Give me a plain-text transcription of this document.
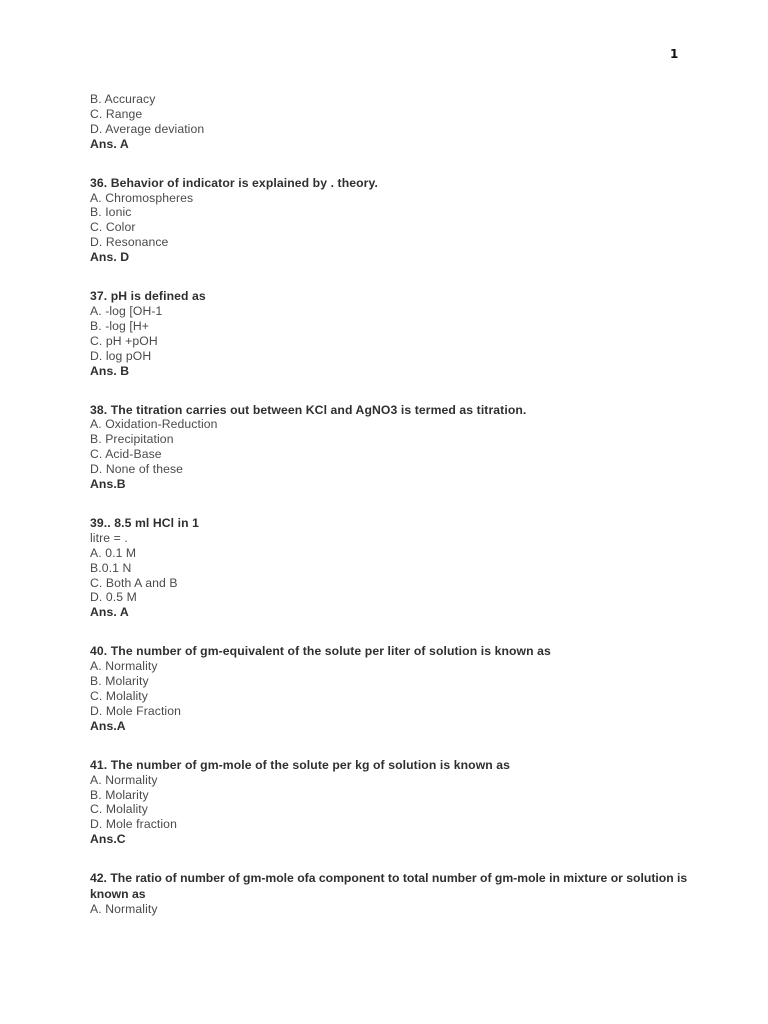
1
B. Accuracy
C. Range
D. Average deviation
Ans. A
36. Behavior of indicator is explained by . theory.
A. Chromospheres
B. Ionic
C. Color
D. Resonance
Ans. D
37. pH is defined as
A. -log [OH-1
B. -log [H+
C. pH +pOH
D. log pOH
Ans. B
38. The titration carries out between KCl and AgNO3 is termed as titration.
A. Oxidation-Reduction
B. Precipitation
C. Acid-Base
D. None of these
Ans.B
39.. 8.5 ml HCl in 1
litre = .
A. 0.1 M
B.0.1 N
C. Both A and B
D. 0.5 M
Ans. A
40. The number of gm-equivalent of the solute per liter of solution is known as
A. Normality
B. Molarity
C. Molality
D. Mole Fraction
Ans.A
41. The number of gm-mole of the solute per kg of solution is known as
A. Normality
B. Molarity
C. Molality
D. Mole fraction
Ans.C
42. The ratio of number of gm-mole ofa component to total number of gm-mole in mixture or solution is known as
A. Normality
